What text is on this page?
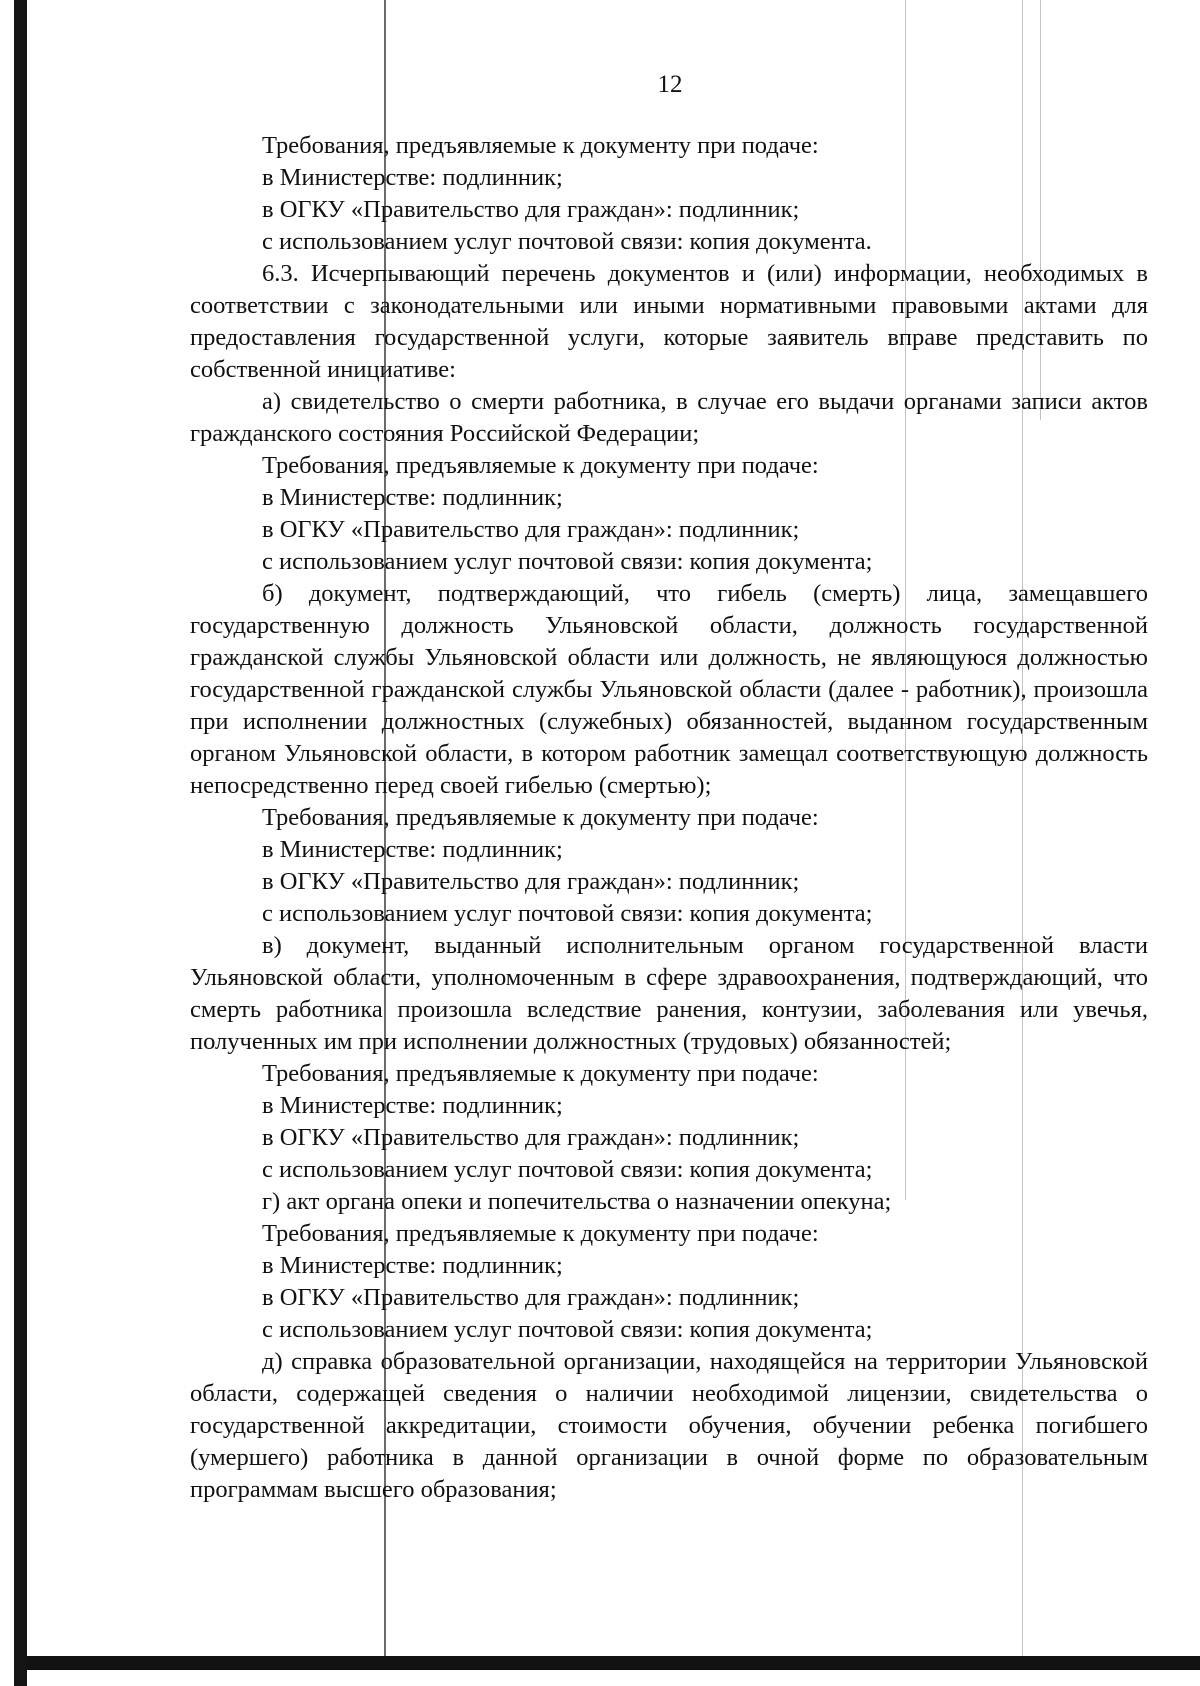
12

Требования, предъявляемые к документу при подаче:

в Министерстве: подлинник;

в ОГКУ «Правительство для граждан»: подлинник;

с использованием услуг почтовой связи: копия документа.

6.3. Исчерпывающий перечень документов и (или) информации, необходимых в соответствии с законодательными или иными нормативными правовыми актами для предоставления государственной услуги, которые заявитель вправе представить по собственной инициативе:

а) свидетельство о смерти работника, в случае его выдачи органами записи актов гражданского состояния Российской Федерации;

Требования, предъявляемые к документу при подаче:

в Министерстве: подлинник;

в ОГКУ «Правительство для граждан»: подлинник;

с использованием услуг почтовой связи: копия документа;

б) документ, подтверждающий, что гибель (смерть) лица, замещавшего государственную должность Ульяновской области, должность государственной гражданской службы Ульяновской области или должность, не являющуюся должностью государственной гражданской службы Ульяновской области (далее - работник), произошла при исполнении должностных (служебных) обязанностей, выданном государственным органом Ульяновской области, в котором работник замещал соответствующую должность непосредственно перед своей гибелью (смертью);

Требования, предъявляемые к документу при подаче:

в Министерстве: подлинник;

в ОГКУ «Правительство для граждан»: подлинник;

с использованием услуг почтовой связи: копия документа;

в) документ, выданный исполнительным органом государственной власти Ульяновской области, уполномоченным в сфере здравоохранения, подтверждающий, что смерть работника произошла вследствие ранения, контузии, заболевания или увечья, полученных им при исполнении должностных (трудовых) обязанностей;

Требования, предъявляемые к документу при подаче:

в Министерстве: подлинник;

в ОГКУ «Правительство для граждан»: подлинник;

с использованием услуг почтовой связи: копия документа;

г) акт органа опеки и попечительства о назначении опекуна;

Требования, предъявляемые к документу при подаче:

в Министерстве: подлинник;

в ОГКУ «Правительство для граждан»: подлинник;

с использованием услуг почтовой связи: копия документа;

д) справка образовательной организации, находящейся на территории Ульяновской области, содержащей сведения о наличии необходимой лицензии, свидетельства о государственной аккредитации, стоимости обучения, обучении ребенка погибшего (умершего) работника в данной организации в очной форме по образовательным программам высшего образования;
